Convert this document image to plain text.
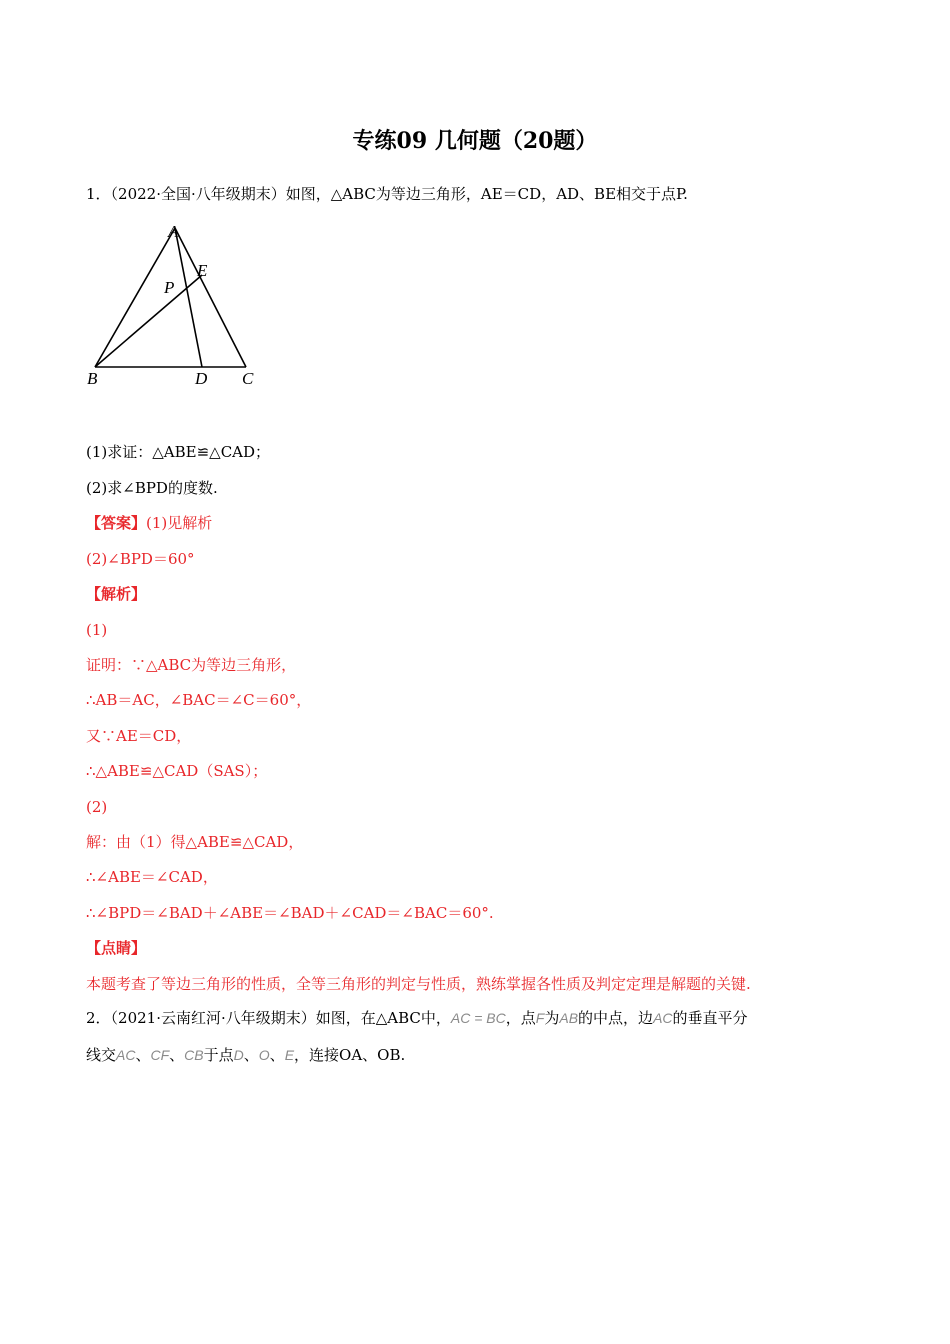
专练09 几何题（20题）
1．（2022·全国·八年级期末）如图，△ABC为等边三角形，AE＝CD，AD、BE相交于点P.
A
E
P
B	D C
(1)求证：△ABE≌△CAD；
(2)求∠BPD的度数.
【答案】(1)见解析
(2)∠BPD＝60°
【解析】
(1)
证明：∵△ABC为等边三角形，
∴AB＝AC，∠BAC＝∠C＝60°，
又∵AE＝CD，
∴△ABE≌△CAD（SAS）；
(2)
解：由（1）得△ABE≌△CAD，
∴∠ABE＝∠CAD，
∴∠BPD＝∠BAD＋∠ABE＝∠BAD＋∠CAD＝∠BAC＝60°.
【点睛】
本题考查了等边三角形的性质，全等三角形的判定与性质，熟练掌握各性质及判定定理是解题的关键.
2．（2021·云南红河·八年级期末）如图，在△ABC中，AC = BC，点F为AB的中点，边AC的垂直平分
线交AC、CF、CB于点D、O、E，连接OA、OB.
